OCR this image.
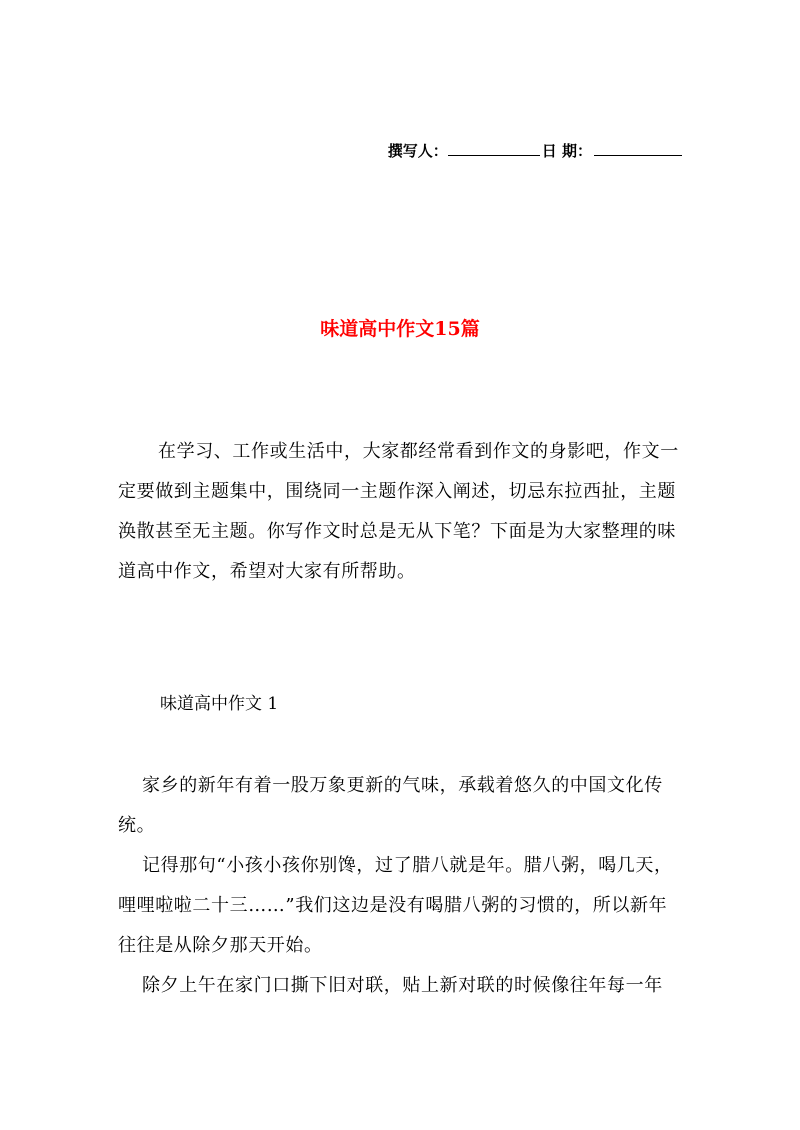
撰写人：	日 期：
味道高中作文15篇
在学习、工作或生活中，大家都经常看到作文的身影吧，作文一定要做到主题集中，围绕同一主题作深入阐述，切忌东拉西扯，主题涣散甚至无主题。你写作文时总是无从下笔？下面是为大家整理的味道高中作文，希望对大家有所帮助。
味道高中作文 1

家乡的新年有着一股万象更新的气味，承载着悠久的中国文化传统。

记得那句“小孩小孩你别馋，过了腊八就是年。腊八粥，喝几天，哩哩啦啦二十三……”我们这边是没有喝腊八粥的习惯的，所以新年往往是从除夕那天开始。

除夕上午在家门口撕下旧对联，贴上新对联的时候像往年每一年
